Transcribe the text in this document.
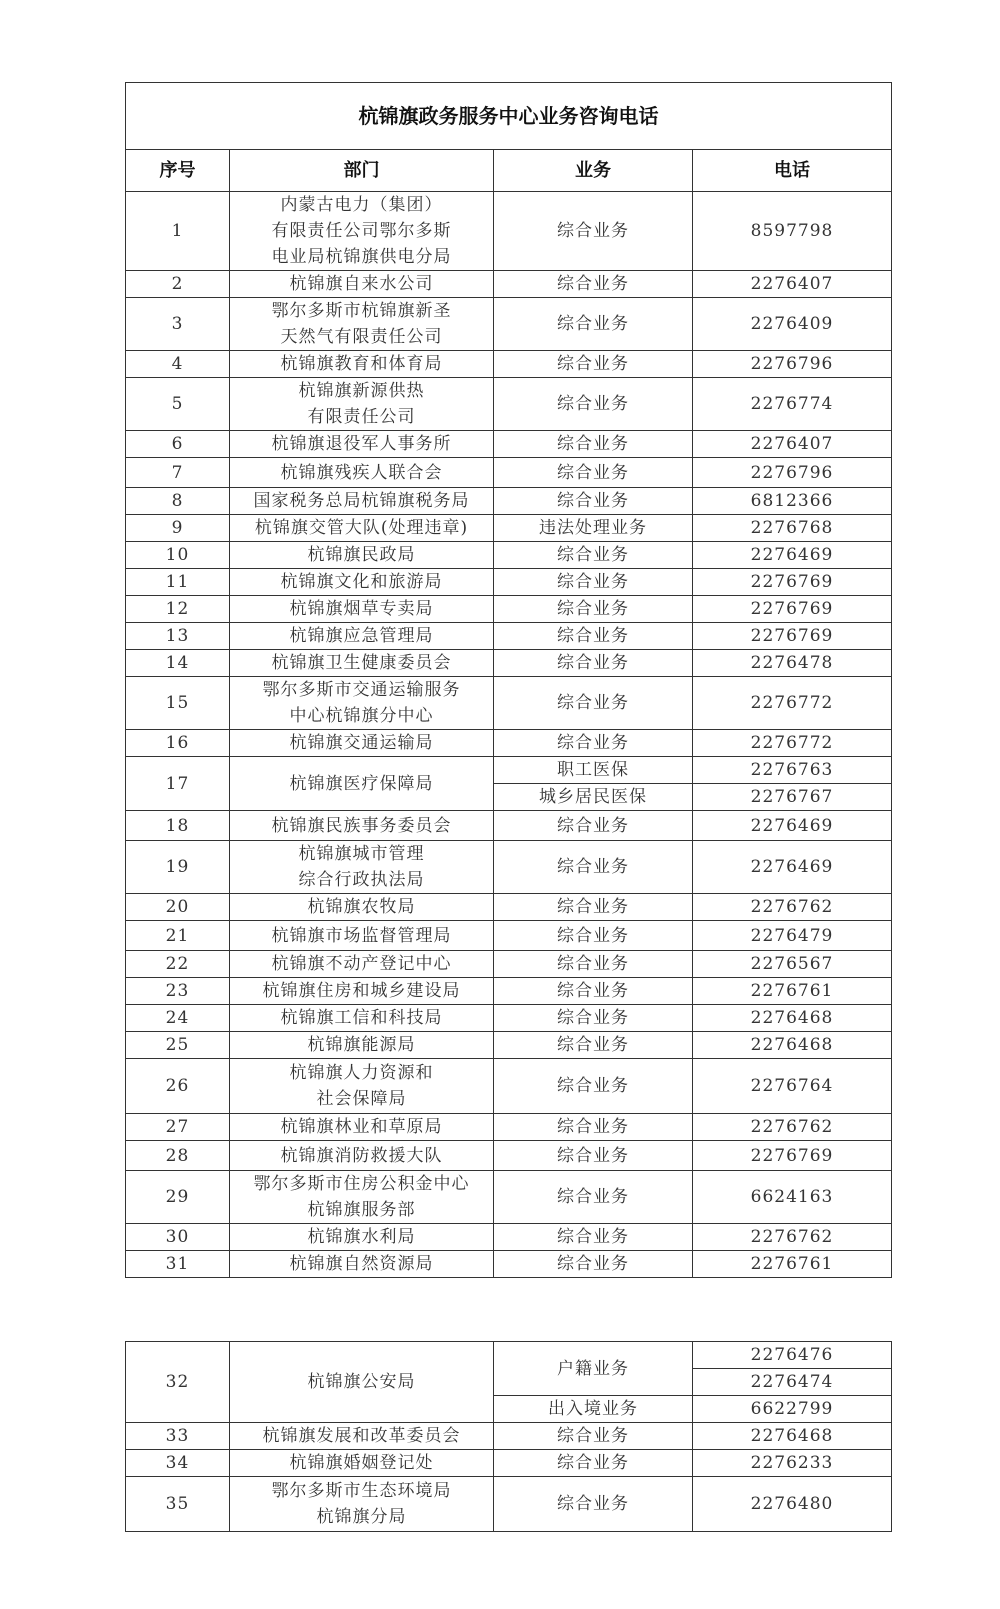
杭锦旗政务服务中心业务咨询电话			
序号	部门	业务	电话
1	内蒙古电力（集团）
有限责任公司鄂尔多斯
电业局杭锦旗供电分局	综合业务	8597798
2	杭锦旗自来水公司	综合业务	2276407
3	鄂尔多斯市杭锦旗新圣
天然气有限责任公司	综合业务	2276409
4	杭锦旗教育和体育局	综合业务	2276796
5	杭锦旗新源供热
有限责任公司	综合业务	2276774
6	杭锦旗退役军人事务所	综合业务	2276407
7	杭锦旗残疾人联合会	综合业务	2276796
8	国家税务总局杭锦旗税务局	综合业务	6812366
9	杭锦旗交管大队(处理违章)	违法处理业务	2276768
10	杭锦旗民政局	综合业务	2276469
11	杭锦旗文化和旅游局	综合业务	2276769
12	杭锦旗烟草专卖局	综合业务	2276769
13	杭锦旗应急管理局	综合业务	2276769
14	杭锦旗卫生健康委员会	综合业务	2276478
15	鄂尔多斯市交通运输服务
中心杭锦旗分中心	综合业务	2276772
16	杭锦旗交通运输局	综合业务	2276772
17	杭锦旗医疗保障局	职工医保	2276763
		城乡居民医保	2276767
18	杭锦旗民族事务委员会	综合业务	2276469
19	杭锦旗城市管理
综合行政执法局	综合业务	2276469
20	杭锦旗农牧局	综合业务	2276762
21	杭锦旗市场监督管理局	综合业务	2276479
22	杭锦旗不动产登记中心	综合业务	2276567
23	杭锦旗住房和城乡建设局	综合业务	2276761
24	杭锦旗工信和科技局	综合业务	2276468
25	杭锦旗能源局	综合业务	2276468
26	杭锦旗人力资源和
社会保障局	综合业务	2276764
27	杭锦旗林业和草原局	综合业务	2276762
28	杭锦旗消防救援大队	综合业务	2276769
29	鄂尔多斯市住房公积金中心
杭锦旗服务部	综合业务	6624163
30	杭锦旗水利局	综合业务	2276762
31	杭锦旗自然资源局	综合业务	2276761
32	杭锦旗公安局	户籍业务	2276476
			2276474
		出入境业务	6622799
33	杭锦旗发展和改革委员会	综合业务	2276468
34	杭锦旗婚姻登记处	综合业务	2276233
35	鄂尔多斯市生态环境局
杭锦旗分局	综合业务	2276480
